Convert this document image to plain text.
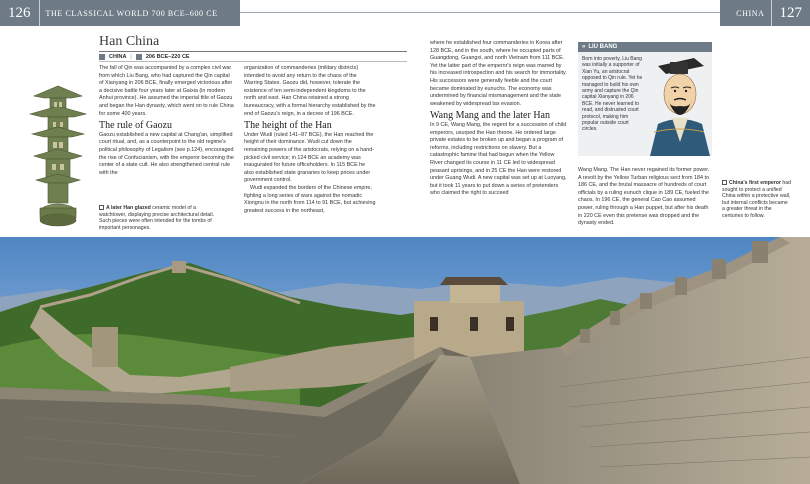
126	THE CLASSICAL WORLD 700 BCE–600 CE	CHINA	127
A later Han glazed ceramic model of a watchtower, displaying precise architectural detail. Such pieces were often intended for the tombs of important personages.
Han China
CHINA |	206 BCE–220 CE

The fall of Qin was accompanied by a complex civil war from which Liu Bang, who had captured the Qin capital of Xianyang in 206 BCE, finally emerged victorious after a decisive battle four years later at Gaixia (in modern Anhui province). He assumed the imperial title of Gaozu and began the Han dynasty, which went on to rule China for some 400 years.

The rule of Gaozu

Gaozu established a new capital at Chang'an, simplified court ritual, and, as a counterpoint to the old regime's political philosophy of Legalism (see p.124), encouraged the rise of Confucianism, with the emperor becoming the center of a state cult. He also strengthened central rule with the

organization of commanderies (military districts) intended to avoid any return to the chaos of the Warring States. Gaozu did, however, tolerate the existence of ten semi-independent kingdoms to the north and east. Han China retained a strong bureaucracy, with a formal hierarchy established by the end of Gaozu's reign, in a decree of 196 BCE.

The height of the Han

Under Wudi (ruled 141–87 BCE), the Han reached the height of their dominance. Wudi cut down the remaining powers of the aristocrats, relying on a hand-picked civil service; in 124 BCE an academy was inaugurated for future officeholders. In 115 BCE he also established state granaries to keep prices under government control.

Wudi expanded the borders of the Chinese empire, fighting a long series of wars against the nomadic Xiongnu in the north from 114 to 91 BCE, but achieving greatest success in the northeast,

where he established four commanderies in Korea after 128 BCE, and in the south, where he occupied parts of Guangdong, Guangxi, and north Vietnam from 111 BCE. Yet the latter part of the emperor's reign was marred by his increased introspection and his search for immortality. His successors were generally feeble and the court became dominated by eunuchs. The economy was undermined by financial mismanagement and the state weakened by widespread tax evasion.

Wang Mang and the later Han

In 9 CE, Wang Mang, the regent for a succession of child emperors, usurped the Han throne. He ordered large private estates to be broken up and began a program of reforms, including restrictions on slavery. But a catastrophic famine that had begun when the Yellow River changed its course in 11 CE led to widespread peasant uprisings, and in 25 CE the Han were restored under Guang Wudi. A new capital was set up at Luoyang, but it took 11 years to put down a series of pretenders who claimed the right to succeed

» LIU BANG
Born into poverty, Liu Bang was initially a supporter of Xian Yu, an aristocrat opposed to Qin rule. Yet he managed to build his own army and capture the Qin capital Xianyang in 206 BCE. He never learned to read, and distrusted court protocol, making him popular outside court circles.

Wang Mang. The Han never regained its former power. A revolt by the Yellow Turban religious sect from 184 to 186 CE, and the brutal massacre of hundreds of court officials by a ruling eunuch clique in 189 CE, fueled the chaos. In 196 CE, the general Cao Cao assumed power, ruling through a Han puppet, but after his death in 220 CE even this pretense was dropped and the dynasty ended.

China's first emperor had sought to protect a unified China within a protective wall, but internal conflicts became a greater threat in the centuries to follow.
